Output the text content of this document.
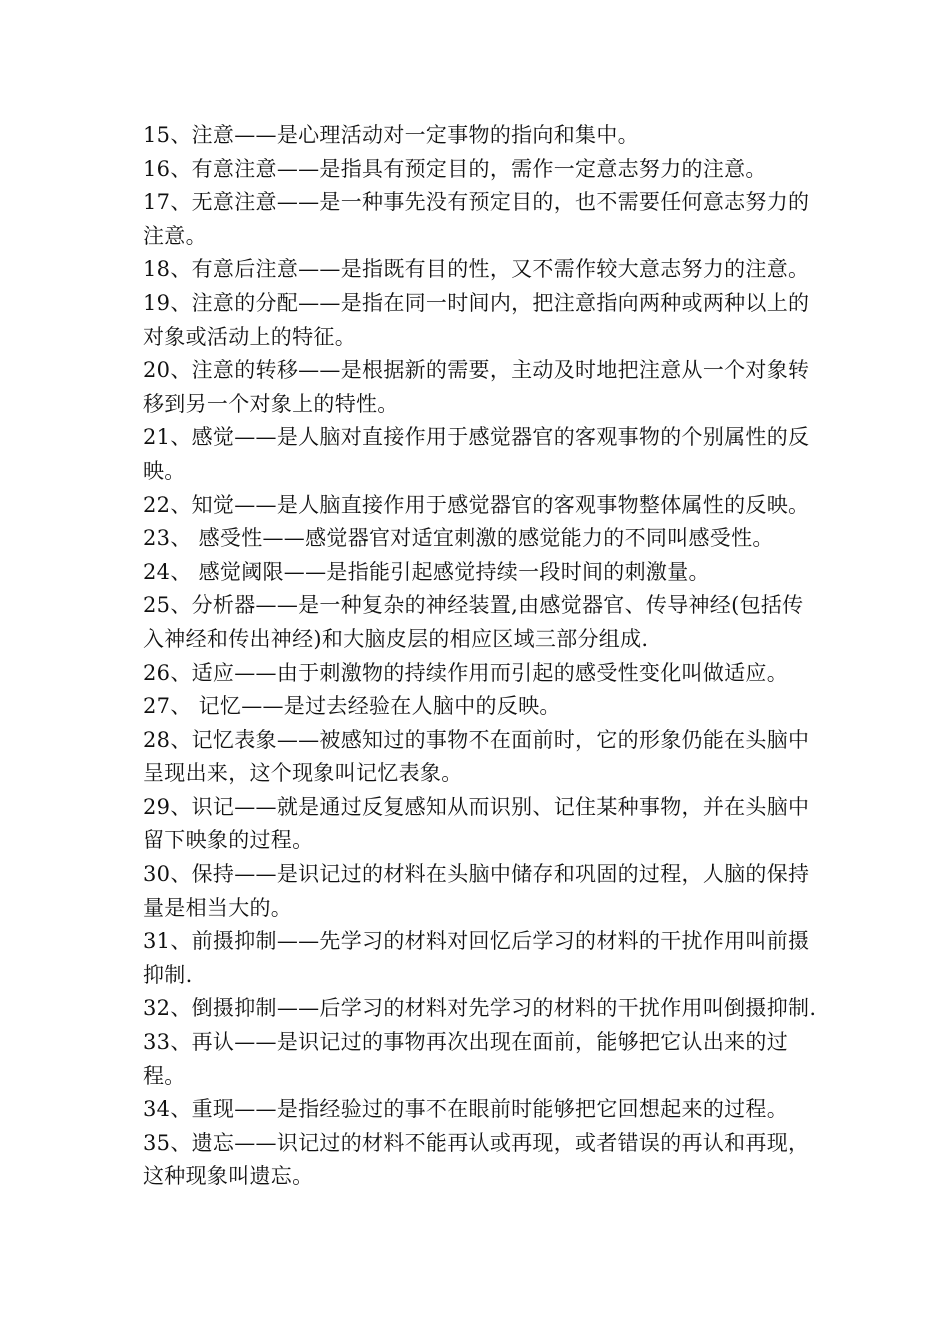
15、注意——是心理活动对一定事物的指向和集中。

16、有意注意——是指具有预定目的，需作一定意志努力的注意。

17、无意注意——是一种事先没有预定目的，也不需要任何意志努力的注意。

18、有意后注意——是指既有目的性，又不需作较大意志努力的注意。

19、注意的分配——是指在同一时间内，把注意指向两种或两种以上的对象或活动上的特征。

20、注意的转移——是根据新的需要，主动及时地把注意从一个对象转移到另一个对象上的特性。

21、感觉——是人脑对直接作用于感觉器官的客观事物的个别属性的反映。

22、知觉——是人脑直接作用于感觉器官的客观事物整体属性的反映。

23、 感受性——感觉器官对适宜刺激的感觉能力的不同叫感受性。

24、 感觉阈限——是指能引起感觉持续一段时间的刺激量。

25、分析器——是一种复杂的神经装置,由感觉器官、传导神经(包括传入神经和传出神经)和大脑皮层的相应区域三部分组成.

26、适应——由于刺激物的持续作用而引起的感受性变化叫做适应。

27、 记忆——是过去经验在人脑中的反映。

28、记忆表象——被感知过的事物不在面前时，它的形象仍能在头脑中呈现出来，这个现象叫记忆表象。

29、识记——就是通过反复感知从而识别、记住某种事物，并在头脑中留下映象的过程。

30、保持——是识记过的材料在头脑中储存和巩固的过程，人脑的保持量是相当大的。

31、前摄抑制——先学习的材料对回忆后学习的材料的干扰作用叫前摄抑制.

32、倒摄抑制——后学习的材料对先学习的材料的干扰作用叫倒摄抑制.

33、再认——是识记过的事物再次出现在面前，能够把它认出来的过程。

34、重现——是指经验过的事不在眼前时能够把它回想起来的过程。

35、遗忘——识记过的材料不能再认或再现，或者错误的再认和再现，这种现象叫遗忘。
